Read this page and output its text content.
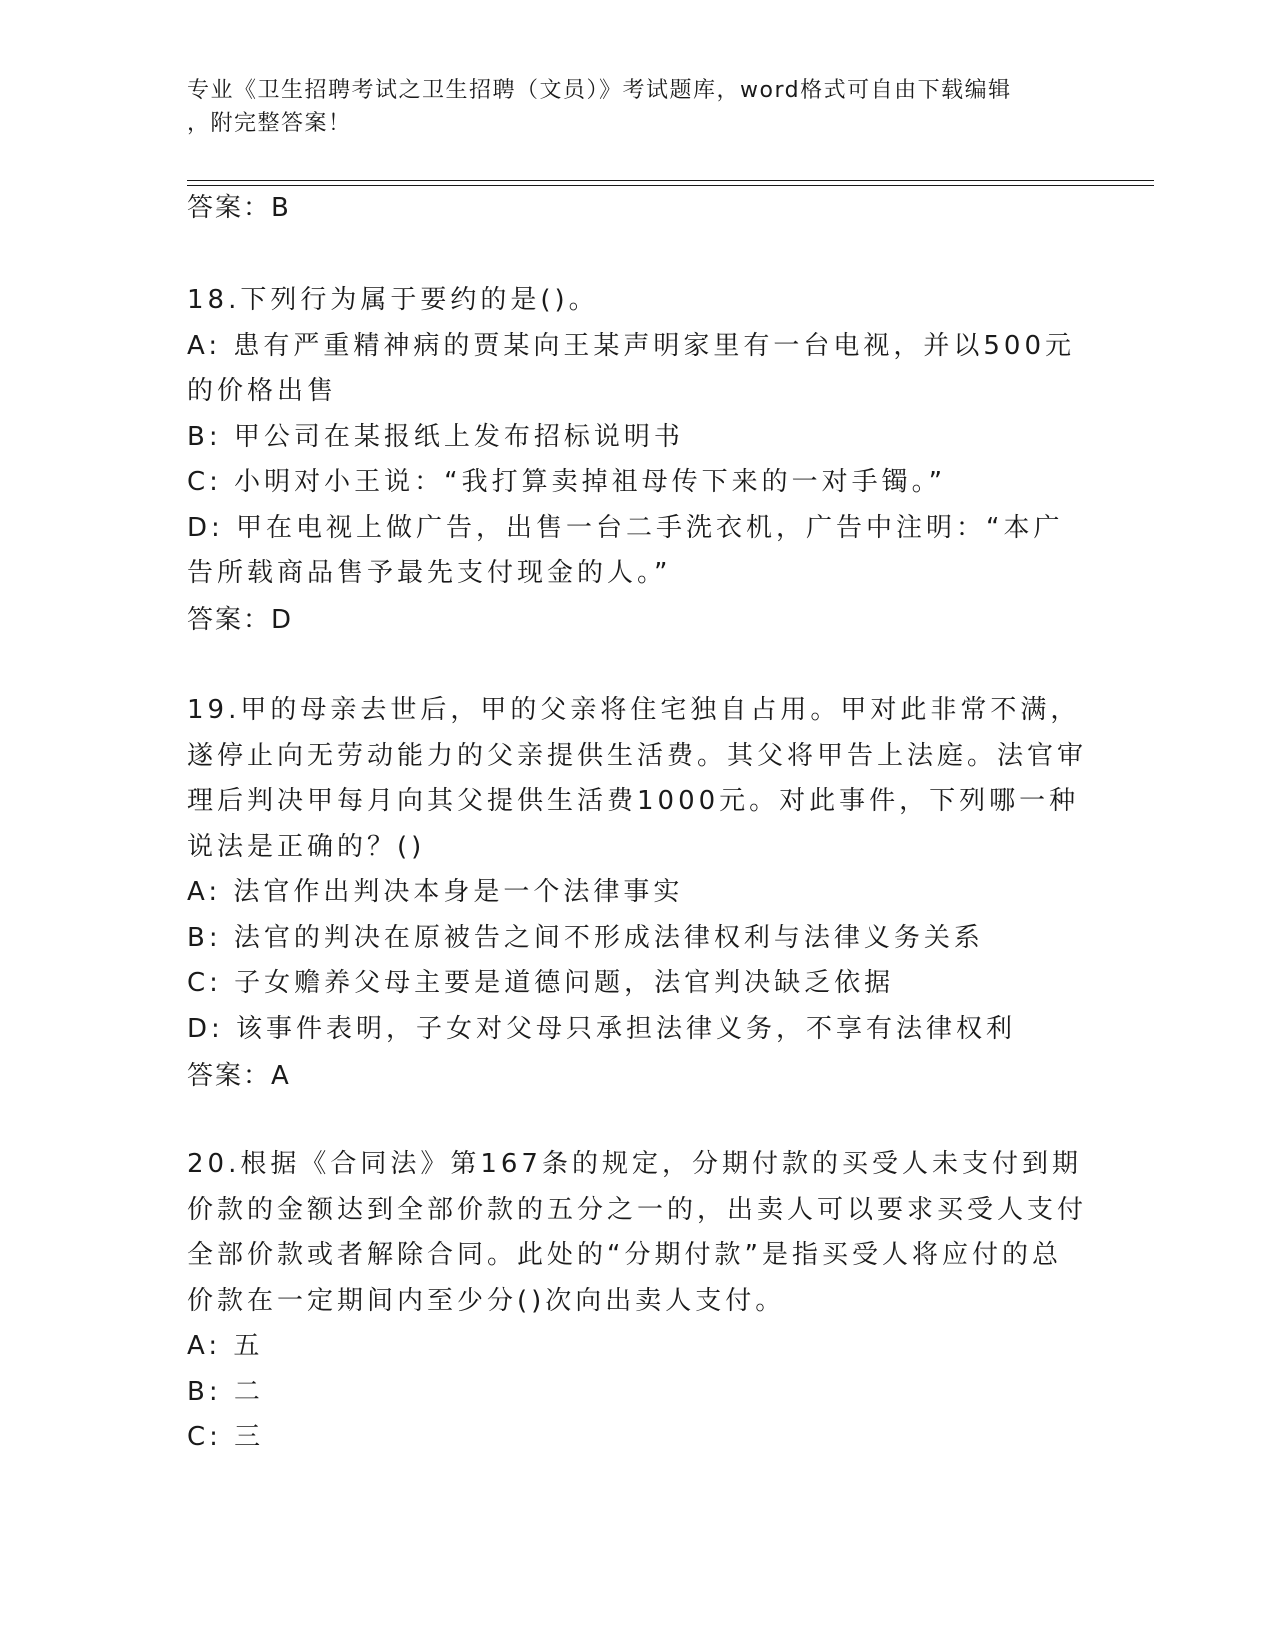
专业《卫生招聘考试之卫生招聘（文员）》考试题库，word格式可自由下载编辑
，附完整答案！
答案：B

18.下列行为属于要约的是()。

A: 患有严重精神病的贾某向王某声明家里有一台电视，并以500元的价格出售

B: 甲公司在某报纸上发布招标说明书

C: 小明对小王说：“我打算卖掉祖母传下来的一对手镯。”

D: 甲在电视上做广告，出售一台二手洗衣机，广告中注明：“本广告所载商品售予最先支付现金的人。”

答案：D

19.甲的母亲去世后，甲的父亲将住宅独自占用。甲对此非常不满，遂停止向无劳动能力的父亲提供生活费。其父将甲告上法庭。法官审理后判决甲每月向其父提供生活费1000元。对此事件，下列哪一种说法是正确的？()

A: 法官作出判决本身是一个法律事实

B: 法官的判决在原被告之间不形成法律权利与法律义务关系

C: 子女赡养父母主要是道德问题，法官判决缺乏依据

D: 该事件表明，子女对父母只承担法律义务，不享有法律权利

答案：A

20.根据《合同法》第167条的规定，分期付款的买受人未支付到期价款的金额达到全部价款的五分之一的，出卖人可以要求买受人支付全部价款或者解除合同。此处的“分期付款”是指买受人将应付的总价款在一定期间内至少分()次向出卖人支付。

A: 五

B: 二

C: 三
